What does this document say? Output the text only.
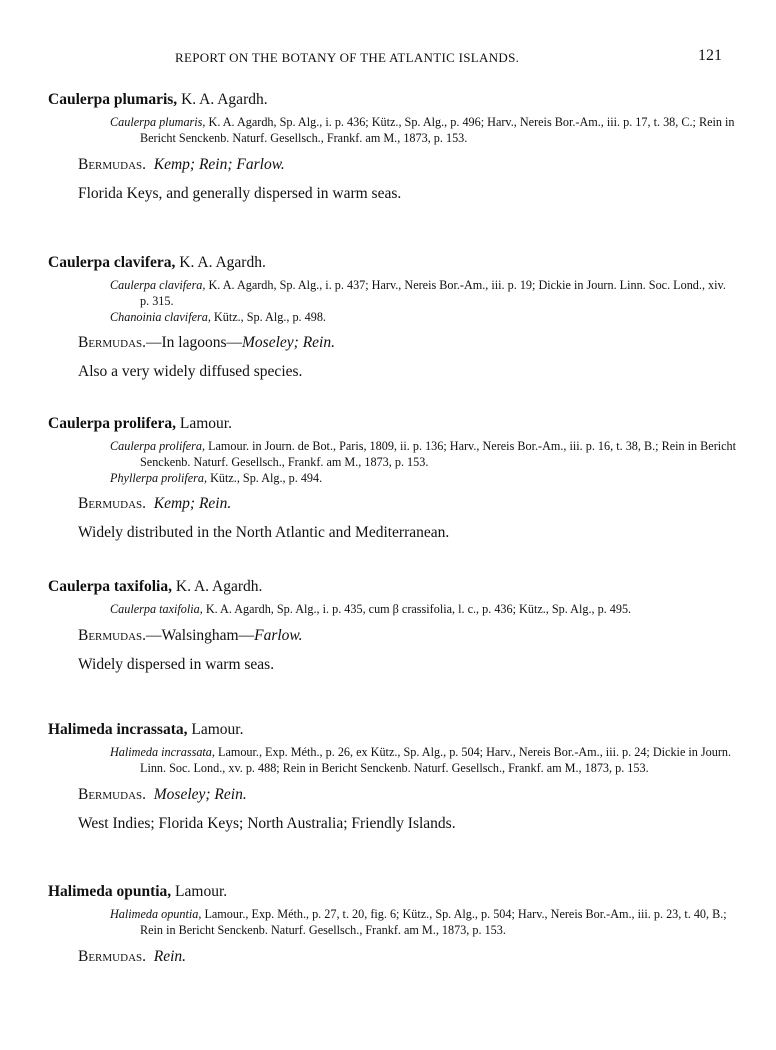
REPORT ON THE BOTANY OF THE ATLANTIC ISLANDS.	121

Caulerpa plumaris, K. A. Agardh.

Caulerpa plumaris, K. A. Agardh, Sp. Alg., i. p. 436; Kütz., Sp. Alg., p. 496; Harv., Nereis Bor.-Am., iii. p. 17, t. 38, C.; Rein in Bericht Senckenb. Naturf. Gesellsch., Frankf. am M., 1873, p. 153.

Bermudas. Kemp; Rein; Farlow.

Florida Keys, and generally dispersed in warm seas.

Caulerpa clavifera, K. A. Agardh.

Caulerpa clavifera, K. A. Agardh, Sp. Alg., i. p. 437; Harv., Nereis Bor.-Am., iii. p. 19; Dickie in Journ. Linn. Soc. Lond., xiv. p. 315.
Chanoinia clavifera, Kütz., Sp. Alg., p. 498.

Bermudas.—In lagoons—Moseley; Rein.

Also a very widely diffused species.

Caulerpa prolifera, Lamour.

Caulerpa prolifera, Lamour. in Journ. de Bot., Paris, 1809, ii. p. 136; Harv., Nereis Bor.-Am., iii. p. 16, t. 38, B.; Rein in Bericht Senckenb. Naturf. Gesellsch., Frankf. am M., 1873, p. 153.
Phyllerpa prolifera, Kütz., Sp. Alg., p. 494.

Bermudas. Kemp; Rein.

Widely distributed in the North Atlantic and Mediterranean.

Caulerpa taxifolia, K. A. Agardh.

Caulerpa taxifolia, K. A. Agardh, Sp. Alg., i. p. 435, cum β crassifolia, l. c., p. 436; Kütz., Sp. Alg., p. 495.

Bermudas.—Walsingham—Farlow.

Widely dispersed in warm seas.

Halimeda incrassata, Lamour.

Halimeda incrassata, Lamour., Exp. Méth., p. 26, ex Kütz., Sp. Alg., p. 504; Harv., Nereis Bor.-Am., iii. p. 24; Dickie in Journ. Linn. Soc. Lond., xv. p. 488; Rein in Bericht Senckenb. Naturf. Gesellsch., Frankf. am M., 1873, p. 153.

Bermudas. Moseley; Rein.

West Indies; Florida Keys; North Australia; Friendly Islands.

Halimeda opuntia, Lamour.

Halimeda opuntia, Lamour., Exp. Méth., p. 27, t. 20, fig. 6; Kütz., Sp. Alg., p. 504; Harv., Nereis Bor.-Am., iii. p. 23, t. 40, B.; Rein in Bericht Senckenb. Naturf. Gesellsch., Frankf. am M., 1873, p. 153.

Bermudas. Rein.
